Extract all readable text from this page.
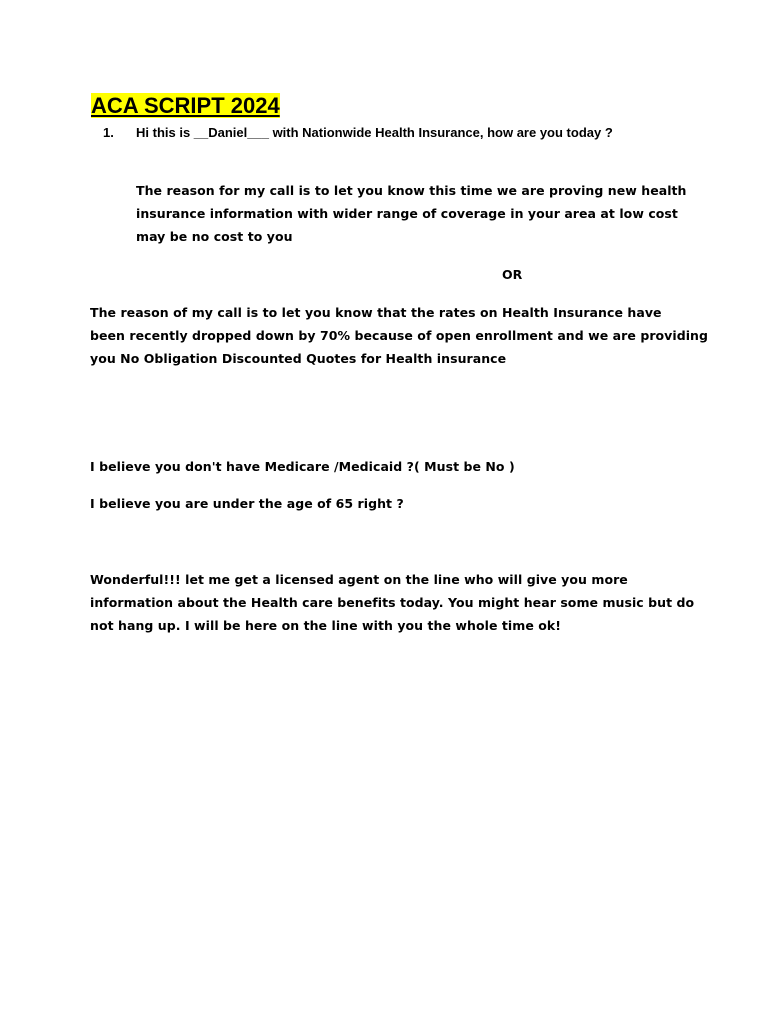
ACA SCRIPT 2024
1. Hi this is __Daniel___ with Nationwide Health Insurance, how are you today ?
The reason for my call is to let you know this time we are proving new health
insurance information with wider range of coverage in your area at low cost
may be no cost to you
OR
The reason of my call is to let you know that the rates on Health Insurance have
been recently dropped down by 70% because of open enrollment and we are providing
you No Obligation Discounted Quotes for Health insurance
I believe you don't have Medicare /Medicaid ?( Must be No )
I believe you are under the age of 65 right ?
Wonderful!!! let me get a licensed agent on the line who will give you more
information about the Health care benefits today. You might hear some music but do
not hang up. I will be here on the line with you the whole time ok!
